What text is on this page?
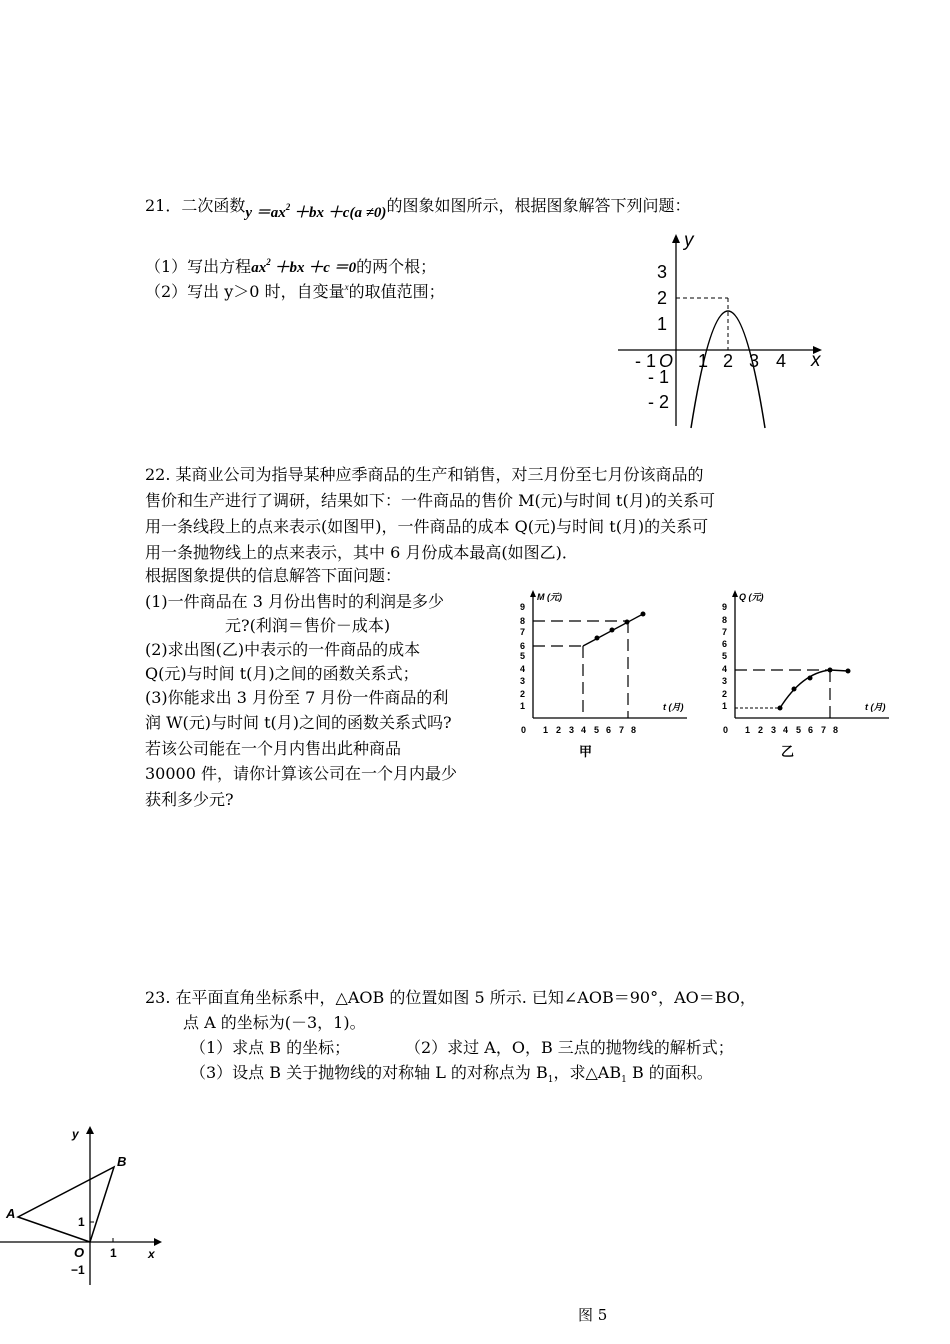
21．二次函数$y =ax^2 +bx +c(a \ne 0)$的图象如图所示，根据图象解答下列问题：
（1）写出方程$ax^2 +bx +c =0$的两个根；
（2）写出 y＞0 时，自变量$^x$的取值范围；
y
x
O
3
2
1
- 1
- 2
- 1 1 2 3 4
22. 某商业公司为指导某种应季商品的生产和销售，对三月份至七月份该商品的
售价和生产进行了调研，结果如下：一件商品的售价 M(元)与时间 t(月)的关系可
用一条线段上的点来表示(如图甲)，一件商品的成本 Q(元)与时间 t(月)的关系可
用一条抛物线上的点来表示，其中 6 月份成本最高(如图乙)．
根据图象提供的信息解答下面问题：
(1)一件商品在 3 月份出售时的利润是多少
元?(利润＝售价－成本)
(2)求出图(乙)中表示的一件商品的成本
Q(元)与时间 t(月)之间的函数关系式；
(3)你能求出 3 月份至 7 月份一件商品的利
润 W(元)与时间 t(月)之间的函数关系式吗?
若该公司能在一个月内售出此种商品
30000 件，请你计算该公司在一个月内最少
获利多少元?
M (元)
t (月)
1
2
3
4
5
6
7
8
9
0 1 2 3 4 5 6 7 8
甲
Q (元)
t (月)
1
2
3
4
5
6
7
8
9
0 1 2 3 4 5 6 7 8
乙
23. 在平面直角坐标系中，△AOB 的位置如图 5 所示. 已知∠AOB＝90°，AO＝BO，
点 A 的坐标为(－3，1)。
（1）求点 B 的坐标；	（2）求过 A，O，B 三点的抛物线的解析式；
（3）设点 B 关于抛物线的对称轴 L 的对称点为 $B_1$，求$\triangle AB_1$ B 的面积。
A
B
O
y
x
1
1
−1
图 5
